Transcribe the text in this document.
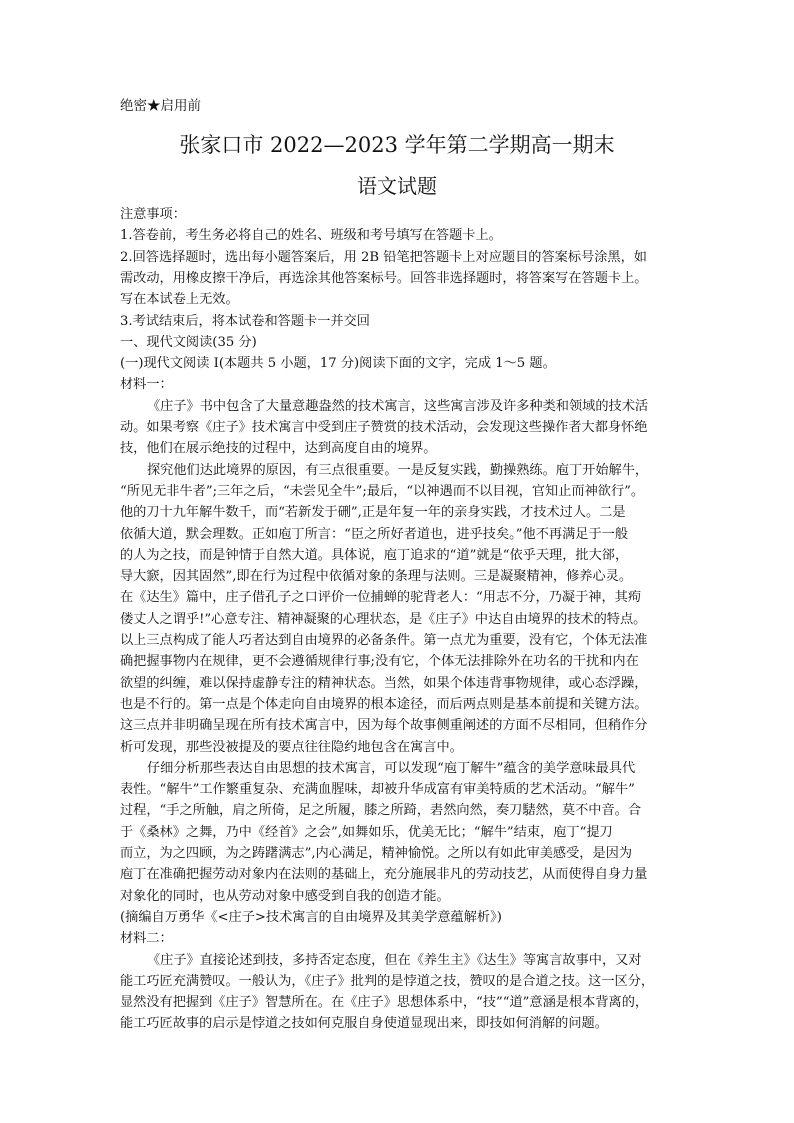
绝密★启用前
张家口市 2022—2023 学年第二学期高一期末
语文试题
注意事项：
1.答卷前，考生务必将自己的姓名、班级和考号填写在答题卡上。
2.回答选择题时，选出每小题答案后，用 2B 铅笔把答题卡上对应题目的答案标号涂黑，如
需改动，用橡皮擦干净后，再选涂其他答案标号。回答非选择题时，将答案写在答题卡上。
写在本试卷上无效。
3.考试结束后，将本试卷和答题卡一并交回
一、现代文阅读(35 分)
(一)现代文阅读 I(本题共 5 小题，17 分)阅读下面的文字，完成 1～5 题。
材料一：
《庄子》书中包含了大量意趣盎然的技术寓言，这些寓言涉及许多种类和领域的技术活
动。如果考察《庄子》技术寓言中受到庄子赞赏的技术活动，会发现这些操作者大都身怀绝
技，他们在展示绝技的过程中，达到高度自由的境界。
探究他们达此境界的原因，有三点很重要。一是反复实践，勤操熟练。庖丁开始解牛，
“所见无非牛者”;三年之后，“未尝见全牛”;最后，“以神遇而不以目视，官知止而神欲行”。
他的刀十九年解牛数千，而“若新发于硎”,正是年复一年的亲身实践，才技术过人。二是
依循大道，默会理数。正如庖丁所言：“臣之所好者道也，进乎技矣。”他不再满足于一般
的人为之技，而是钟情于自然大道。具体说，庖丁追求的“道”就是“依乎天理，批大郤，
导大窾，因其固然”,即在行为过程中依循对象的条理与法则。三是凝聚精神，修养心灵。
在《达生》篇中，庄子借孔子之口评价一位捕蝉的驼背老人：“用志不分，乃凝于神，其痀
偻丈人之谓乎!”心意专注、精神凝聚的心理状态，是《庄子》中达自由境界的技术的特点。
以上三点构成了能人巧者达到自由境界的必备条件。第一点尤为重要，没有它，个体无法准
确把握事物内在规律，更不会遵循规律行事;没有它，个体无法排除外在功名的干扰和内在
欲望的纠缠，难以保持虚静专注的精神状态。当然，如果个体违背事物规律，或心态浮躁，
也是不行的。第一点是个体走向自由境界的根本途径，而后两点则是基本前提和关键方法。
这三点并非明确呈现在所有技术寓言中，因为每个故事侧重阐述的方面不尽相同，但稍作分
析可发现，那些没被提及的要点往往隐约地包含在寓言中。
仔细分析那些表达自由思想的技术寓言，可以发现“庖丁解牛”蕴含的美学意味最具代
表性。“解牛”工作繁重复杂、充满血腥味，却被升华成富有审美特质的艺术活动。“解牛”
过程，“手之所触，肩之所倚，足之所履，膝之所踦，砉然向然，奏刀騞然，莫不中音。合
于《桑林》之舞，乃中《经首》之会”,如舞如乐，优美无比；“解牛”结束，庖丁“提刀
而立，为之四顾，为之踌躇满志”,内心满足，精神愉悦。之所以有如此审美感受，是因为
庖丁在准确把握劳动对象内在法则的基础上，充分施展非凡的劳动技艺，从而使得自身力量
对象化的同时，也从劳动对象中感受到自我的创造才能。
(摘编自万勇华《<庄子>技术寓言的自由境界及其美学意蕴解析》)
材料二：
《庄子》直接论述到技，多持否定态度，但在《养生主》《达生》等寓言故事中，又对
能工巧匠充满赞叹。一般认为，《庄子》批判的是悖道之技，赞叹的是合道之技。这一区分，
显然没有把握到《庄子》智慧所在。在《庄子》思想体系中，“技”“道”意涵是根本背离的，
能工巧匠故事的启示是悖道之技如何克服自身使道显现出来，即技如何消解的问题。
